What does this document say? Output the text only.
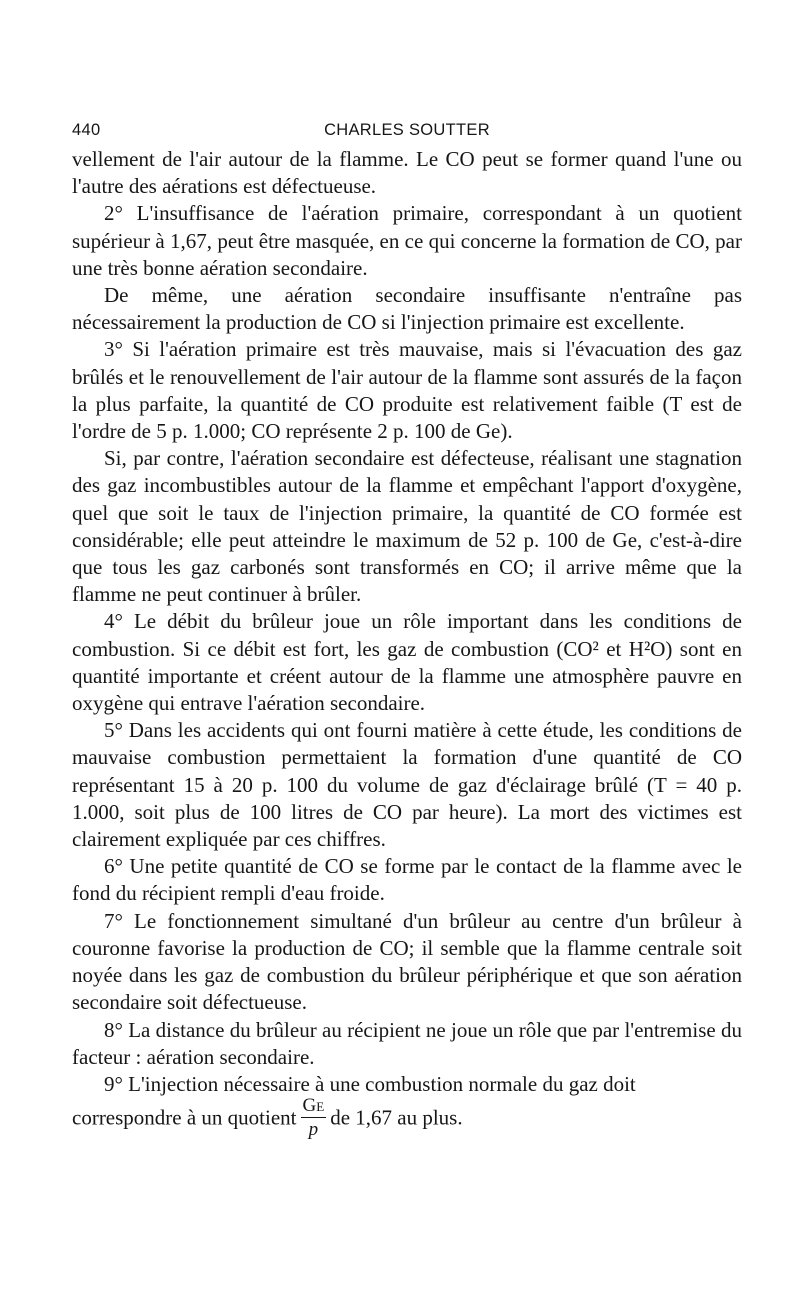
440	CHARLES SOUTTER

vellement de l'air autour de la flamme. Le CO peut se former quand l'une ou l'autre des aérations est défectueuse.

2° L'insuffisance de l'aération primaire, correspondant à un quotient supérieur à 1,67, peut être masquée, en ce qui concerne la formation de CO, par une très bonne aération secondaire.

De même, une aération secondaire insuffisante n'entraîne pas nécessairement la production de CO si l'injection primaire est excellente.

3° Si l'aération primaire est très mauvaise, mais si l'évacuation des gaz brûlés et le renouvellement de l'air autour de la flamme sont assurés de la façon la plus parfaite, la quantité de CO produite est relativement faible (T est de l'ordre de 5 p. 1.000; CO représente 2 p. 100 de Ge).

Si, par contre, l'aération secondaire est défecteuse, réalisant une stagnation des gaz incombustibles autour de la flamme et empêchant l'apport d'oxygène, quel que soit le taux de l'injection primaire, la quantité de CO formée est considérable; elle peut atteindre le maximum de 52 p. 100 de Ge, c'est-à-dire que tous les gaz carbonés sont transformés en CO; il arrive même que la flamme ne peut continuer à brûler.

4° Le débit du brûleur joue un rôle important dans les conditions de combustion. Si ce débit est fort, les gaz de combustion (CO² et H²O) sont en quantité importante et créent autour de la flamme une atmosphère pauvre en oxygène qui entrave l'aération secondaire.

5° Dans les accidents qui ont fourni matière à cette étude, les conditions de mauvaise combustion permettaient la formation d'une quantité de CO représentant 15 à 20 p. 100 du volume de gaz d'éclairage brûlé (T = 40 p. 1.000, soit plus de 100 litres de CO par heure). La mort des victimes est clairement expliquée par ces chiffres.

6° Une petite quantité de CO se forme par le contact de la flamme avec le fond du récipient rempli d'eau froide.

7° Le fonctionnement simultané d'un brûleur au centre d'un brûleur à couronne favorise la production de CO; il semble que la flamme centrale soit noyée dans les gaz de combustion du brûleur périphérique et que son aération secondaire soit défectueuse.

8° La distance du brûleur au récipient ne joue un rôle que par l'entremise du facteur : aération secondaire.

9° L'injection nécessaire à une combustion normale du gaz doit

correspondre à un quotient $\frac{Ge}{p}$ de 1,67 au plus.
